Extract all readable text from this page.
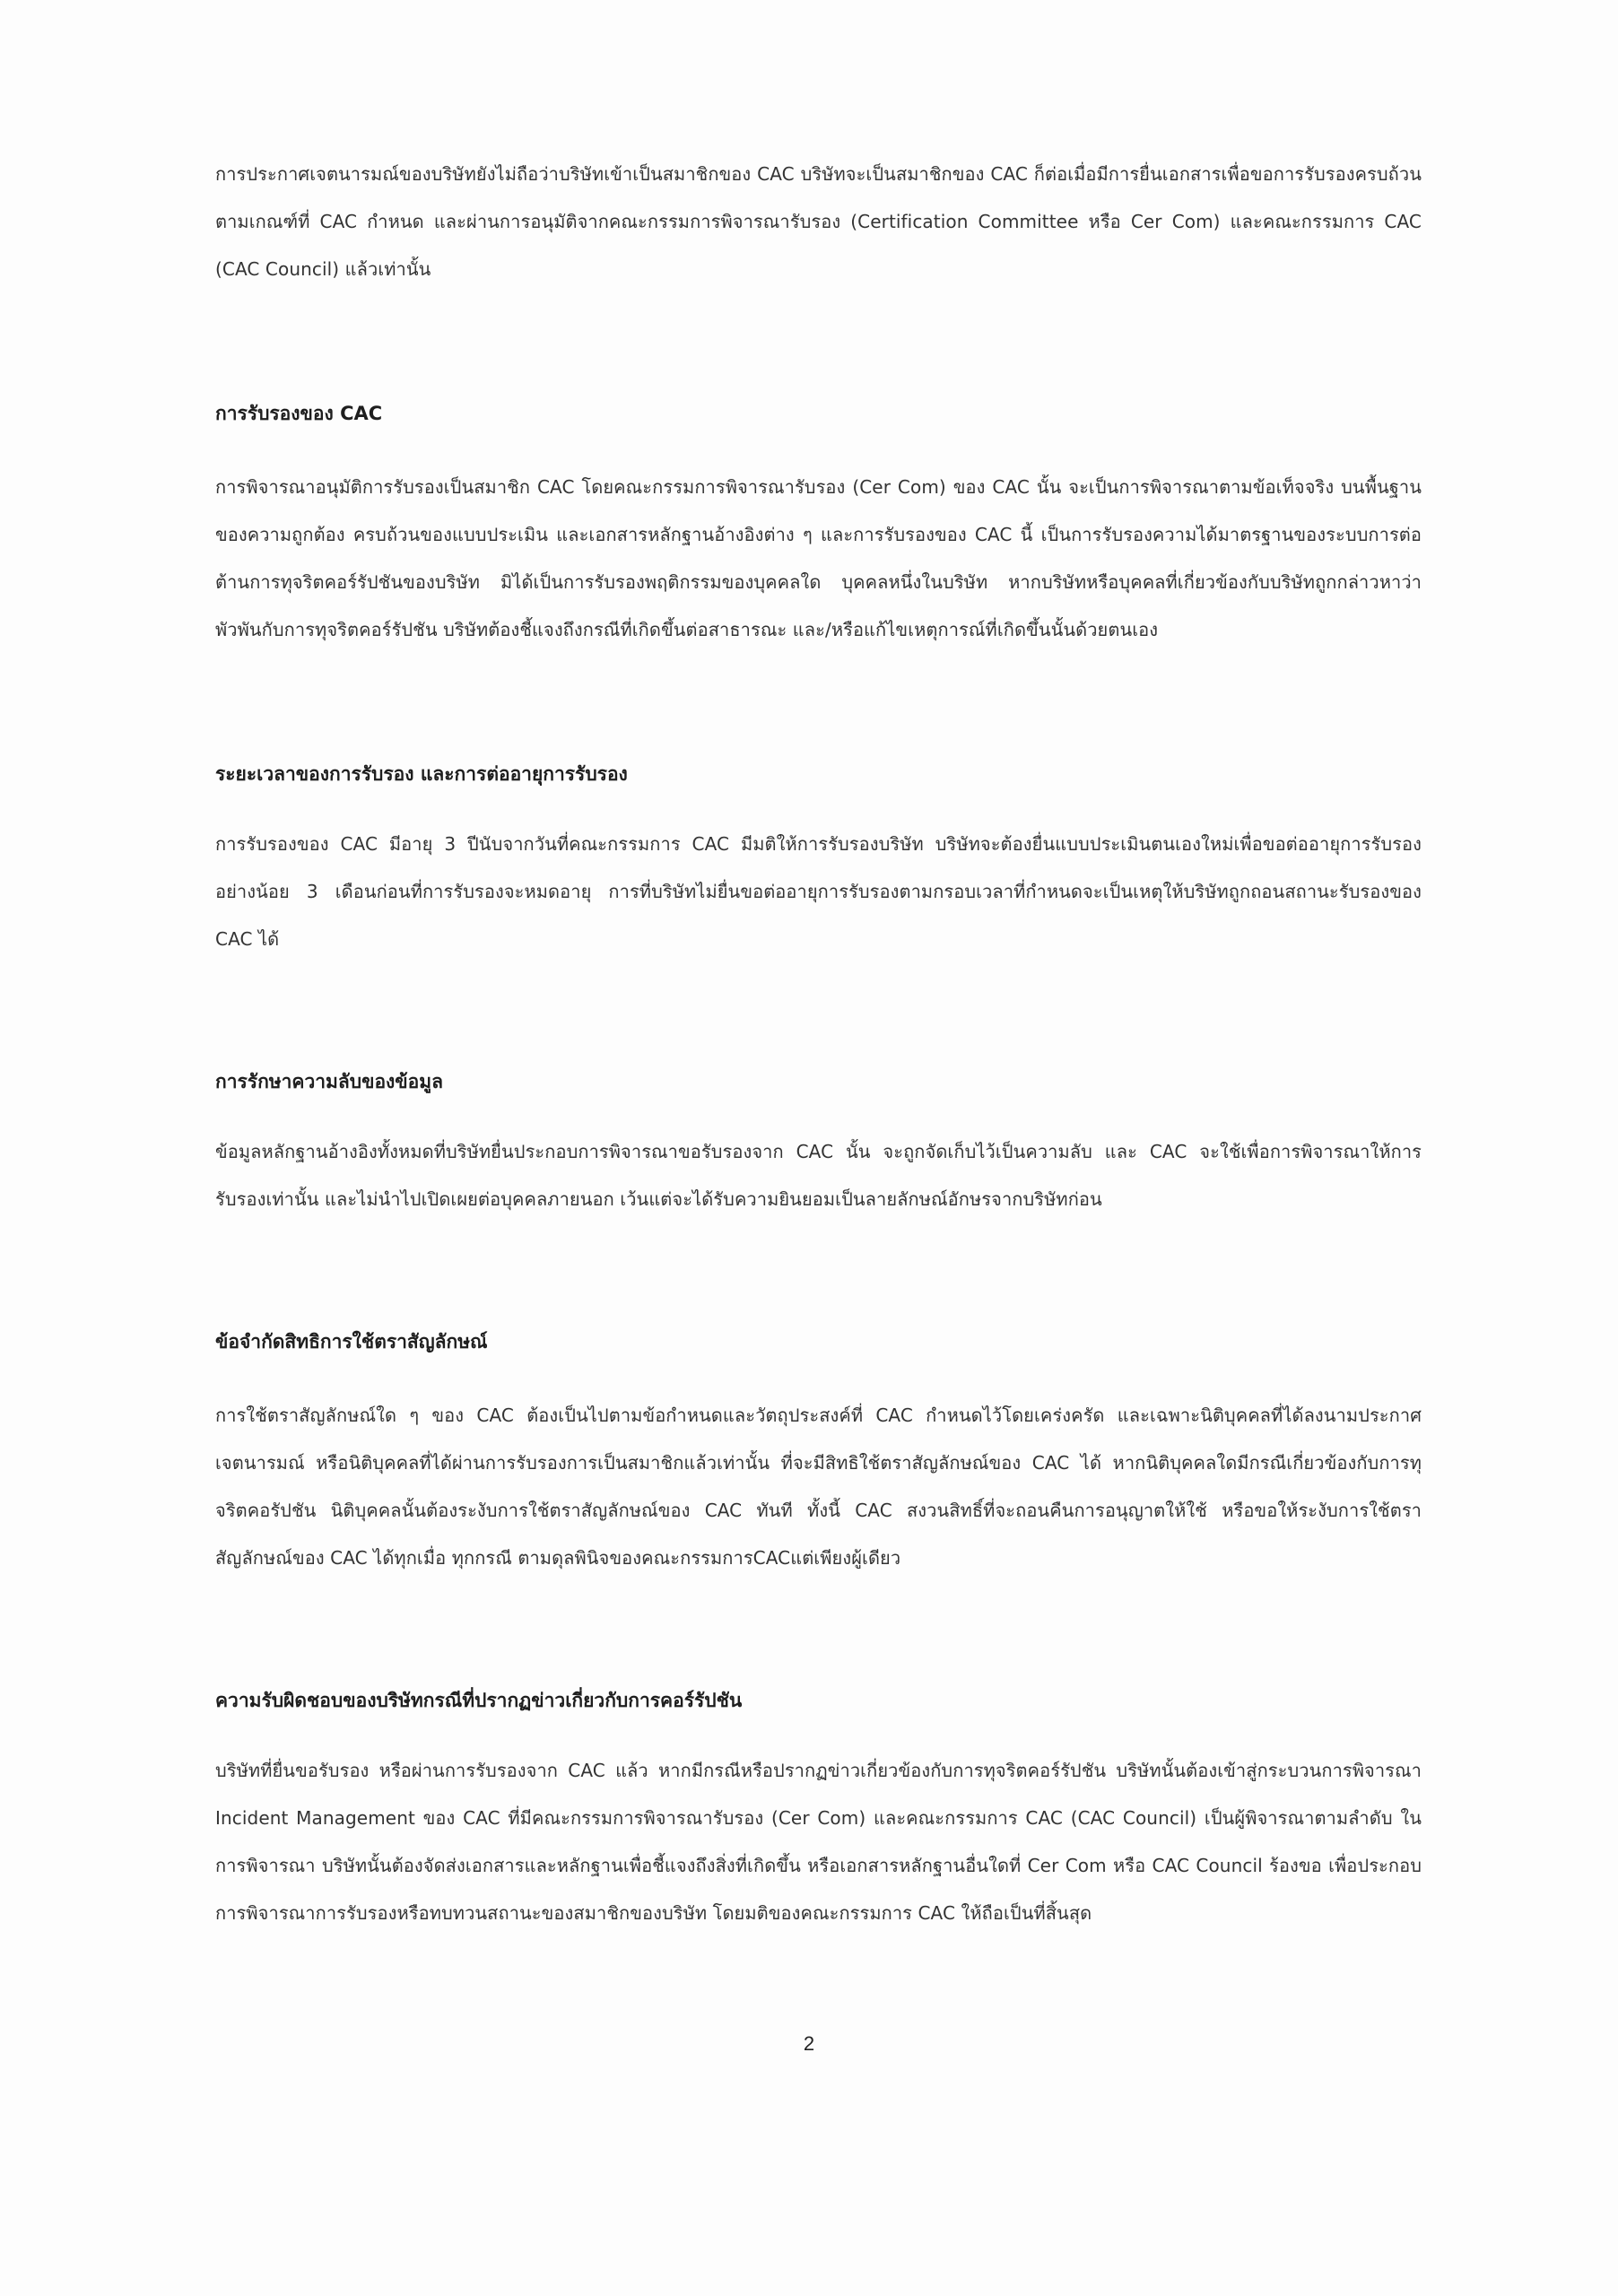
การประกาศเจตนารมณ์ของบริษัทยังไม่ถือว่าบริษัทเข้าเป็นสมาชิกของ CAC บริษัทจะเป็นสมาชิกของ CAC ก็ต่อเมื่อมีการยื่นเอกสารเพื่อขอการรับรองครบถ้วนตามเกณฑ์ที่ CAC กำหนด และผ่านการอนุมัติจากคณะกรรมการพิจารณารับรอง (Certification Committee หรือ Cer Com) และคณะกรรมการ CAC (CAC Council) แล้วเท่านั้น

การรับรองของ CAC

การพิจารณาอนุมัติการรับรองเป็นสมาชิก CAC โดยคณะกรรมการพิจารณารับรอง (Cer Com) ของ CAC นั้น จะเป็นการพิจารณาตามข้อเท็จจริง บนพื้นฐานของความถูกต้อง ครบถ้วนของแบบประเมิน และเอกสารหลักฐานอ้างอิงต่าง ๆ และการรับรองของ CAC นี้ เป็นการรับรองความได้มาตรฐานของระบบการต่อต้านการทุจริตคอร์รัปชันของบริษัท มิได้เป็นการรับรองพฤติกรรมของบุคคลใด บุคคลหนึ่งในบริษัท หากบริษัทหรือบุคคลที่เกี่ยวข้องกับบริษัทถูกกล่าวหาว่าพัวพันกับการทุจริตคอร์รัปชัน บริษัทต้องชี้แจงถึงกรณีที่เกิดขึ้นต่อสาธารณะ และ/หรือแก้ไขเหตุการณ์ที่เกิดขึ้นนั้นด้วยตนเอง

ระยะเวลาของการรับรอง และการต่ออายุการรับรอง

การรับรองของ CAC มีอายุ 3 ปีนับจากวันที่คณะกรรมการ CAC มีมติให้การรับรองบริษัท บริษัทจะต้องยื่นแบบประเมินตนเองใหม่เพื่อขอต่ออายุการรับรองอย่างน้อย 3 เดือนก่อนที่การรับรองจะหมดอายุ การที่บริษัทไม่ยื่นขอต่ออายุการรับรองตามกรอบเวลาที่กำหนดจะเป็นเหตุให้บริษัทถูกถอนสถานะรับรองของ CAC ได้

การรักษาความลับของข้อมูล

ข้อมูลหลักฐานอ้างอิงทั้งหมดที่บริษัทยื่นประกอบการพิจารณาขอรับรองจาก CAC นั้น จะถูกจัดเก็บไว้เป็นความลับ และ CAC จะใช้เพื่อการพิจารณาให้การรับรองเท่านั้น และไม่นำไปเปิดเผยต่อบุคคลภายนอก เว้นแต่จะได้รับความยินยอมเป็นลายลักษณ์อักษรจากบริษัทก่อน

ข้อจำกัดสิทธิการใช้ตราสัญลักษณ์

การใช้ตราสัญลักษณ์ใด ๆ ของ CAC ต้องเป็นไปตามข้อกำหนดและวัตถุประสงค์ที่ CAC กำหนดไว้โดยเคร่งครัด และเฉพาะนิติบุคคลที่ได้ลงนามประกาศเจตนารมณ์ หรือนิติบุคคลที่ได้ผ่านการรับรองการเป็นสมาชิกแล้วเท่านั้น ที่จะมีสิทธิใช้ตราสัญลักษณ์ของ CAC ได้ หากนิติบุคคลใดมีกรณีเกี่ยวข้องกับการทุจริตคอรัปชัน นิติบุคคลนั้นต้องระงับการใช้ตราสัญลักษณ์ของ CAC ทันที ทั้งนี้ CAC สงวนสิทธิ์ที่จะถอนคืนการอนุญาตให้ใช้ หรือขอให้ระงับการใช้ตราสัญลักษณ์ของ CAC ได้ทุกเมื่อ ทุกกรณี ตามดุลพินิจของคณะกรรมการCACแต่เพียงผู้เดียว

ความรับผิดชอบของบริษัทกรณีที่ปรากฏข่าวเกี่ยวกับการคอร์รัปชัน

บริษัทที่ยื่นขอรับรอง หรือผ่านการรับรองจาก CAC แล้ว หากมีกรณีหรือปรากฏข่าวเกี่ยวข้องกับการทุจริตคอร์รัปชัน บริษัทนั้นต้องเข้าสู่กระบวนการพิจารณา Incident Management ของ CAC ที่มีคณะกรรมการพิจารณารับรอง (Cer Com) และคณะกรรมการ CAC (CAC Council) เป็นผู้พิจารณาตามลำดับ ในการพิจารณา บริษัทนั้นต้องจัดส่งเอกสารและหลักฐานเพื่อชี้แจงถึงสิ่งที่เกิดขึ้น หรือเอกสารหลักฐานอื่นใดที่ Cer Com หรือ CAC Council ร้องขอ เพื่อประกอบการพิจารณาการรับรองหรือทบทวนสถานะของสมาชิกของบริษัท โดยมติของคณะกรรมการ CAC ให้ถือเป็นที่สิ้นสุด

2
